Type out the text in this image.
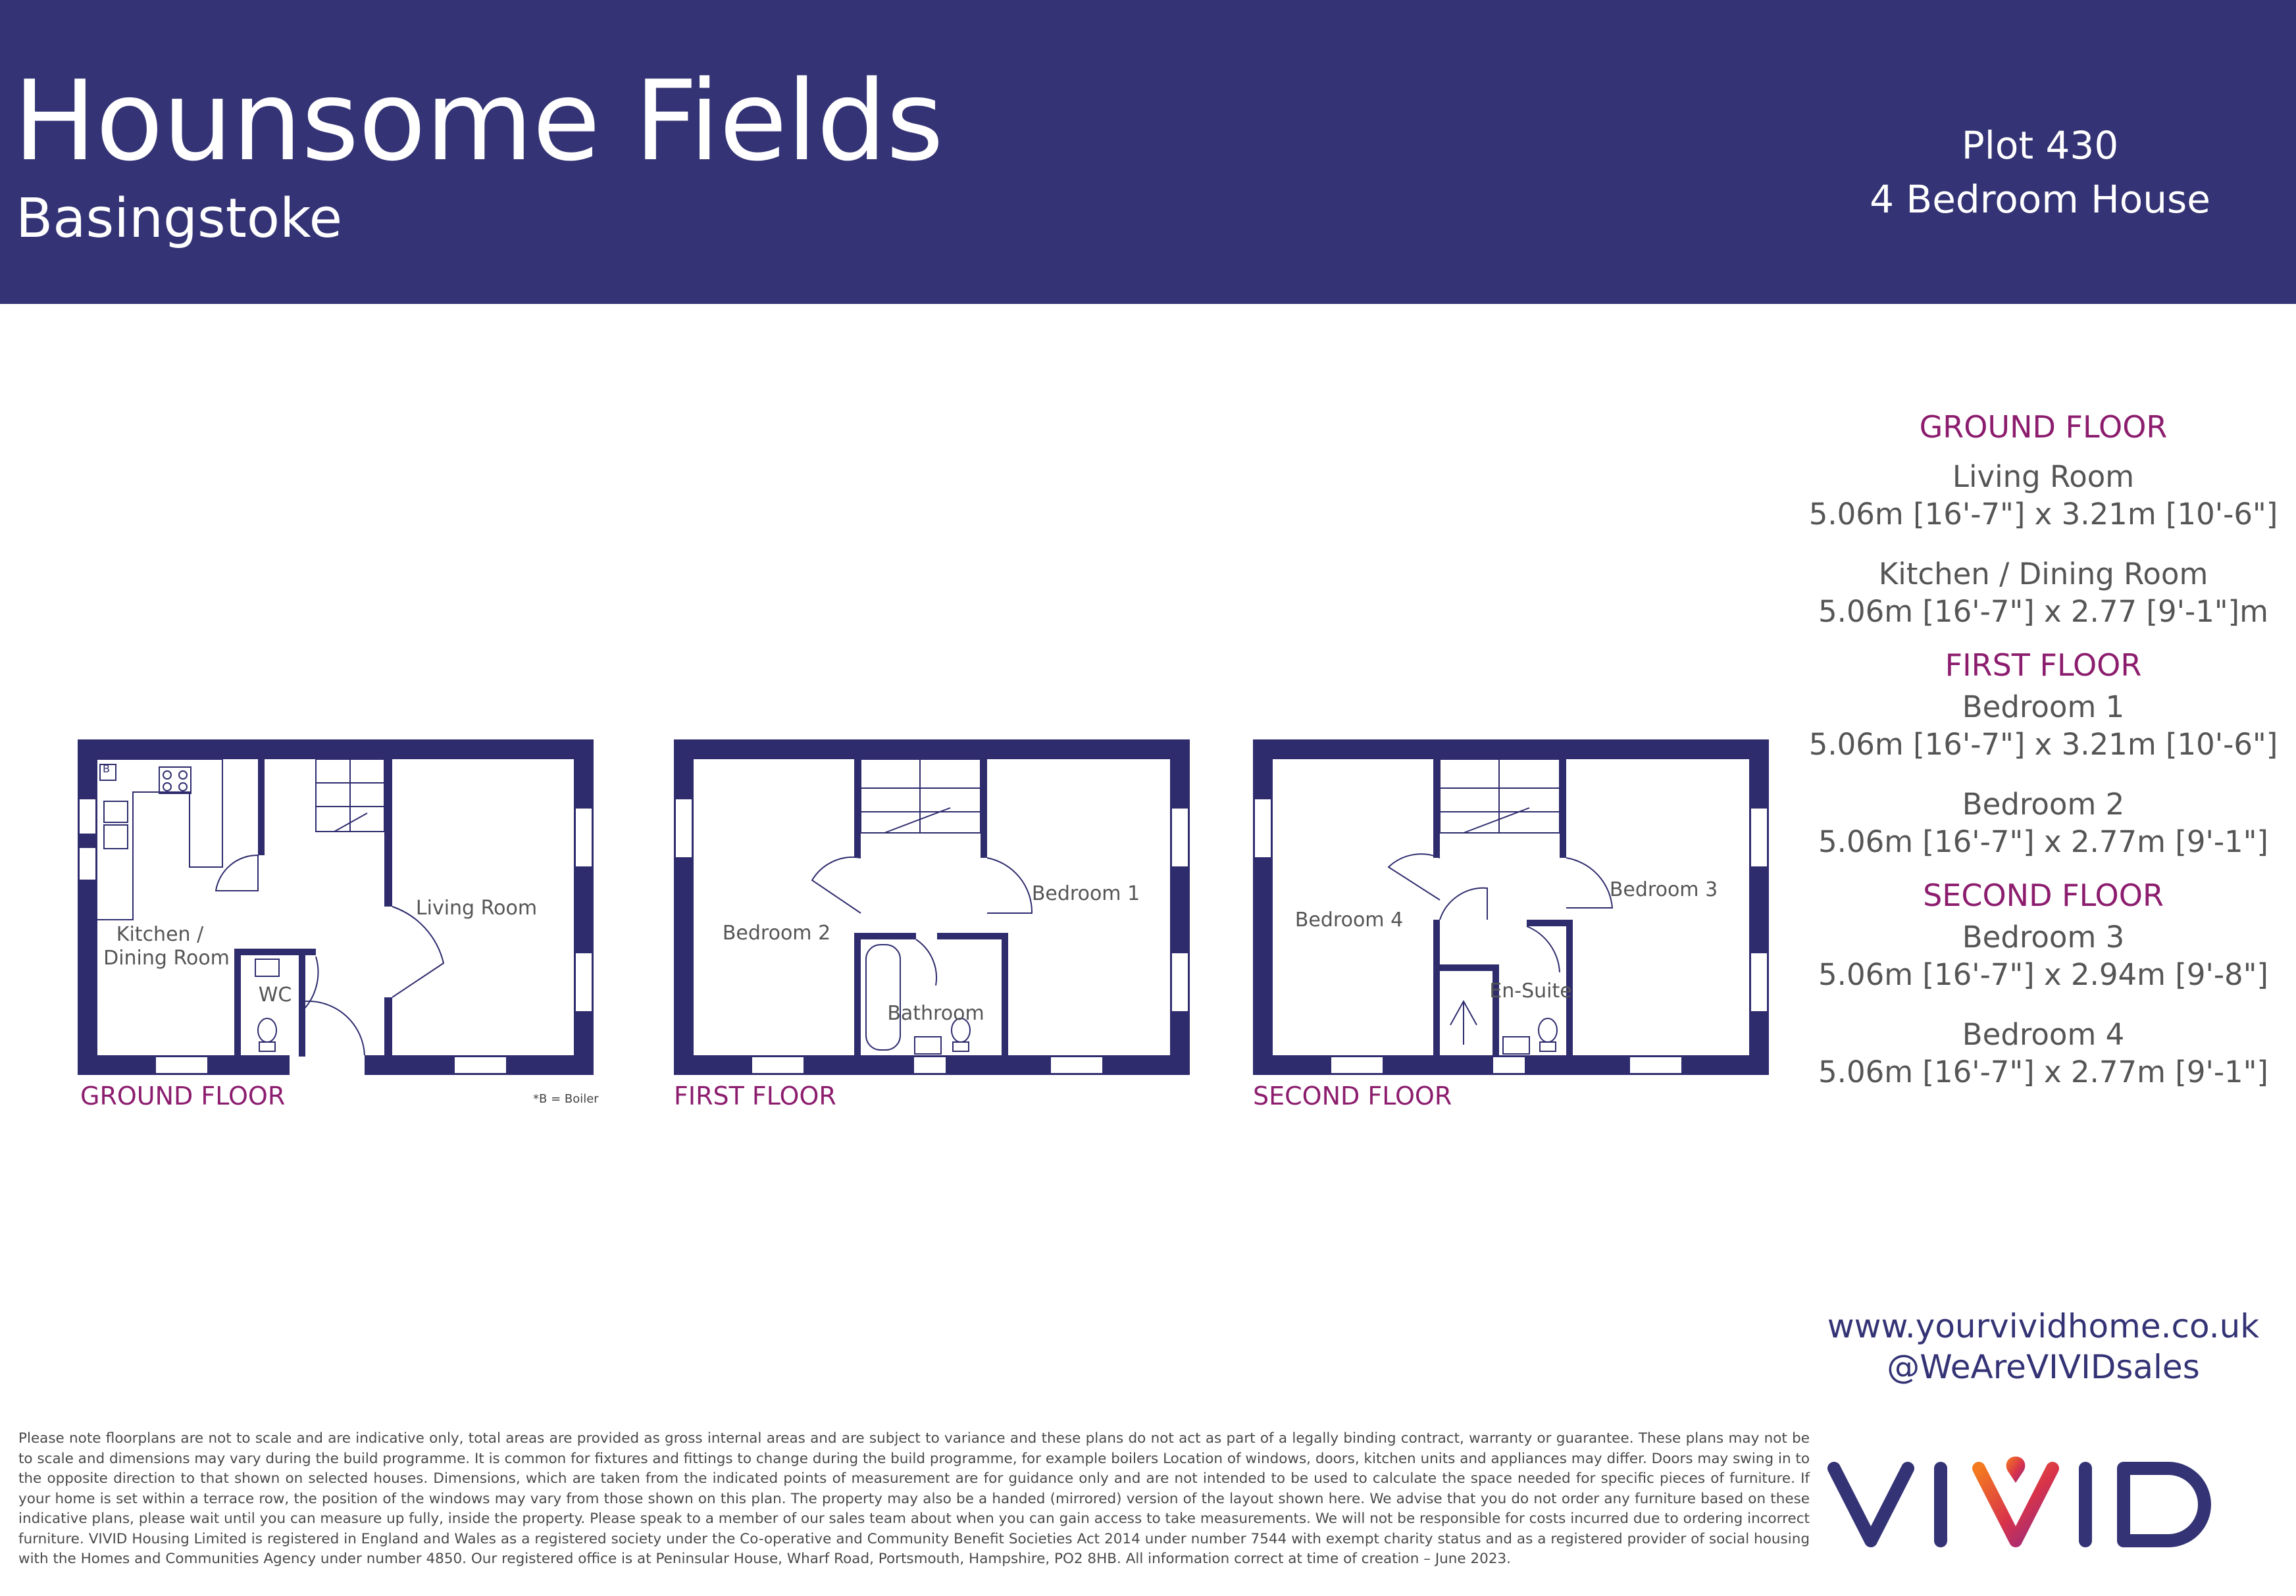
Hounsome Fields
Basingstoke
Plot 430
4 Bedroom House
B
Kitchen /
Dining Room
Living Room
WC
GROUND FLOOR	*B = Boiler
Bedroom 2
Bedroom 1
Bathroom
FIRST FLOOR
Bedroom 4
Bedroom 3
En-Suite
SECOND FLOOR
GROUND FLOOR
Living Room
5.06m [16'-7"] x 3.21m [10'-6"]
Kitchen / Dining Room
5.06m [16'-7"] x 2.77 [9'-1"]m
FIRST FLOOR
Bedroom 1
5.06m [16'-7"] x 3.21m [10'-6"]
Bedroom 2
5.06m [16'-7"] x 2.77m [9'-1"]
SECOND FLOOR
Bedroom 3
5.06m [16'-7"] x 2.94m [9'-8"]
Bedroom 4
5.06m [16'-7"] x 2.77m [9'-1"]
www.yourvividhome.co.uk
@WeAreVIVIDsales

Please note floorplans are not to scale and are indicative only, total areas are provided as gross internal areas and are subject to variance and these plans do not act as part of a legally binding contract, warranty or guarantee. These plans may not be to scale and dimensions may vary during the build programme. It is common for fixtures and fittings to change during the build programme, for example boilers Location of windows, doors, kitchen units and appliances may differ. Doors may swing in to the opposite direction to that shown on selected houses. Dimensions, which are taken from the indicated points of measurement are for guidance only and are not intended to be used to calculate the space needed for specific pieces of furniture. If your home is set within a terrace row, the position of the windows may vary from those shown on this plan. The property may also be a handed (mirrored) version of the layout shown here. We advise that you do not order any furniture based on these indicative plans, please wait until you can measure up fully, inside the property. Please speak to a member of our sales team about when you can gain access to take measurements. We will not be responsible for costs incurred due to ordering incorrect furniture. VIVID Housing Limited is registered in England and Wales as a registered society under the Co-operative and Community Benefit Societies Act 2014 under number 7544 with exempt charity status and as a registered provider of social housing with the Homes and Communities Agency under number 4850. Our registered office is at Peninsular House, Wharf Road, Portsmouth, Hampshire, PO2 8HB. All information correct at time of creation – June 2023.
